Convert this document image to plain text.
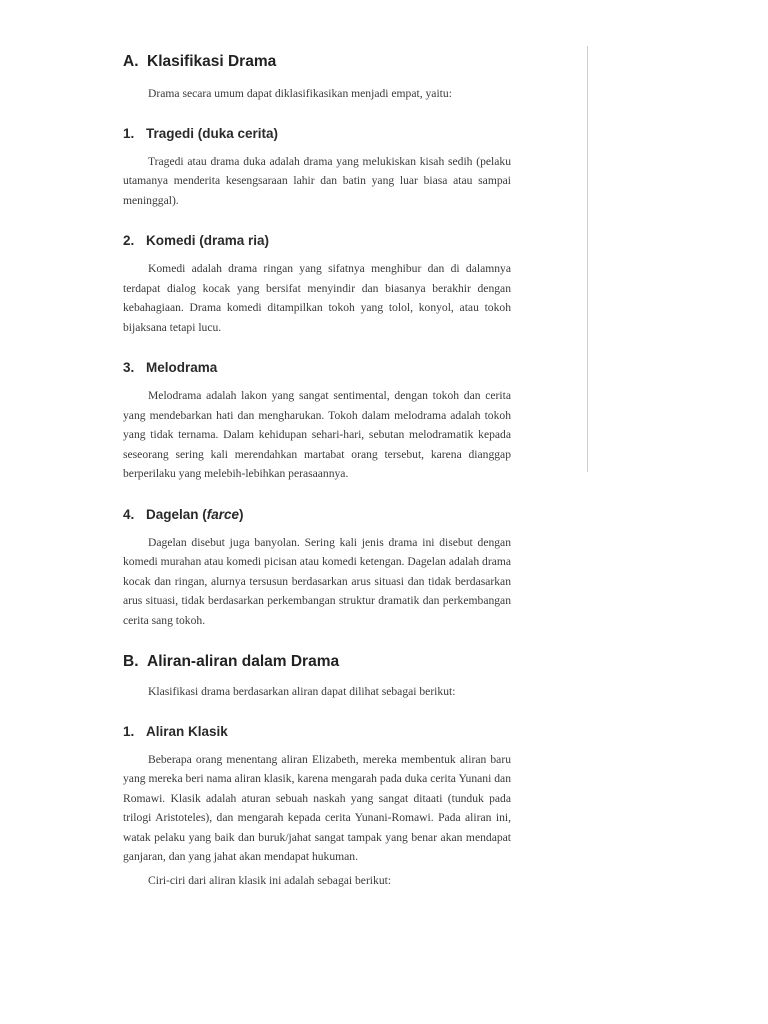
A. Klasifikasi Drama

Drama secara umum dapat diklasifikasikan menjadi empat, yaitu:

1. Tragedi (duka cerita)

Tragedi atau drama duka adalah drama yang melukiskan kisah sedih (pelaku utamanya menderita kesengsaraan lahir dan batin yang luar biasa atau sampai meninggal).

2. Komedi (drama ria)

Komedi adalah drama ringan yang sifatnya menghibur dan di dalamnya terdapat dialog kocak yang bersifat menyindir dan biasanya berakhir dengan kebahagiaan. Drama komedi ditampilkan tokoh yang tolol, konyol, atau tokoh bijaksana tetapi lucu.

3. Melodrama

Melodrama adalah lakon yang sangat sentimental, dengan tokoh dan cerita yang mendebarkan hati dan mengharukan. Tokoh dalam melodrama adalah tokoh yang tidak ternama. Dalam kehidupan sehari-hari, sebutan melodramatik kepada seseorang sering kali merendahkan martabat orang tersebut, karena dianggap berperilaku yang melebih-lebihkan perasaannya.

4. Dagelan (farce)

Dagelan disebut juga banyolan. Sering kali jenis drama ini disebut dengan komedi murahan atau komedi picisan atau komedi ketengan. Dagelan adalah drama kocak dan ringan, alurnya tersusun berdasarkan arus situasi dan tidak berdasarkan arus situasi, tidak berdasarkan perkembangan struktur dramatik dan perkembangan cerita sang tokoh.

B. Aliran-aliran dalam Drama

Klasifikasi drama berdasarkan aliran dapat dilihat sebagai berikut:

1. Aliran Klasik

Beberapa orang menentang aliran Elizabeth, mereka membentuk aliran baru yang mereka beri nama aliran klasik, karena mengarah pada duka cerita Yunani dan Romawi. Klasik adalah aturan sebuah naskah yang sangat ditaati (tunduk pada trilogi Aristoteles), dan mengarah kepada cerita Yunani-Romawi. Pada aliran ini, watak pelaku yang baik dan buruk/jahat sangat tampak yang benar akan mendapat ganjaran, dan yang jahat akan mendapat hukuman.

Ciri-ciri dari aliran klasik ini adalah sebagai berikut:
